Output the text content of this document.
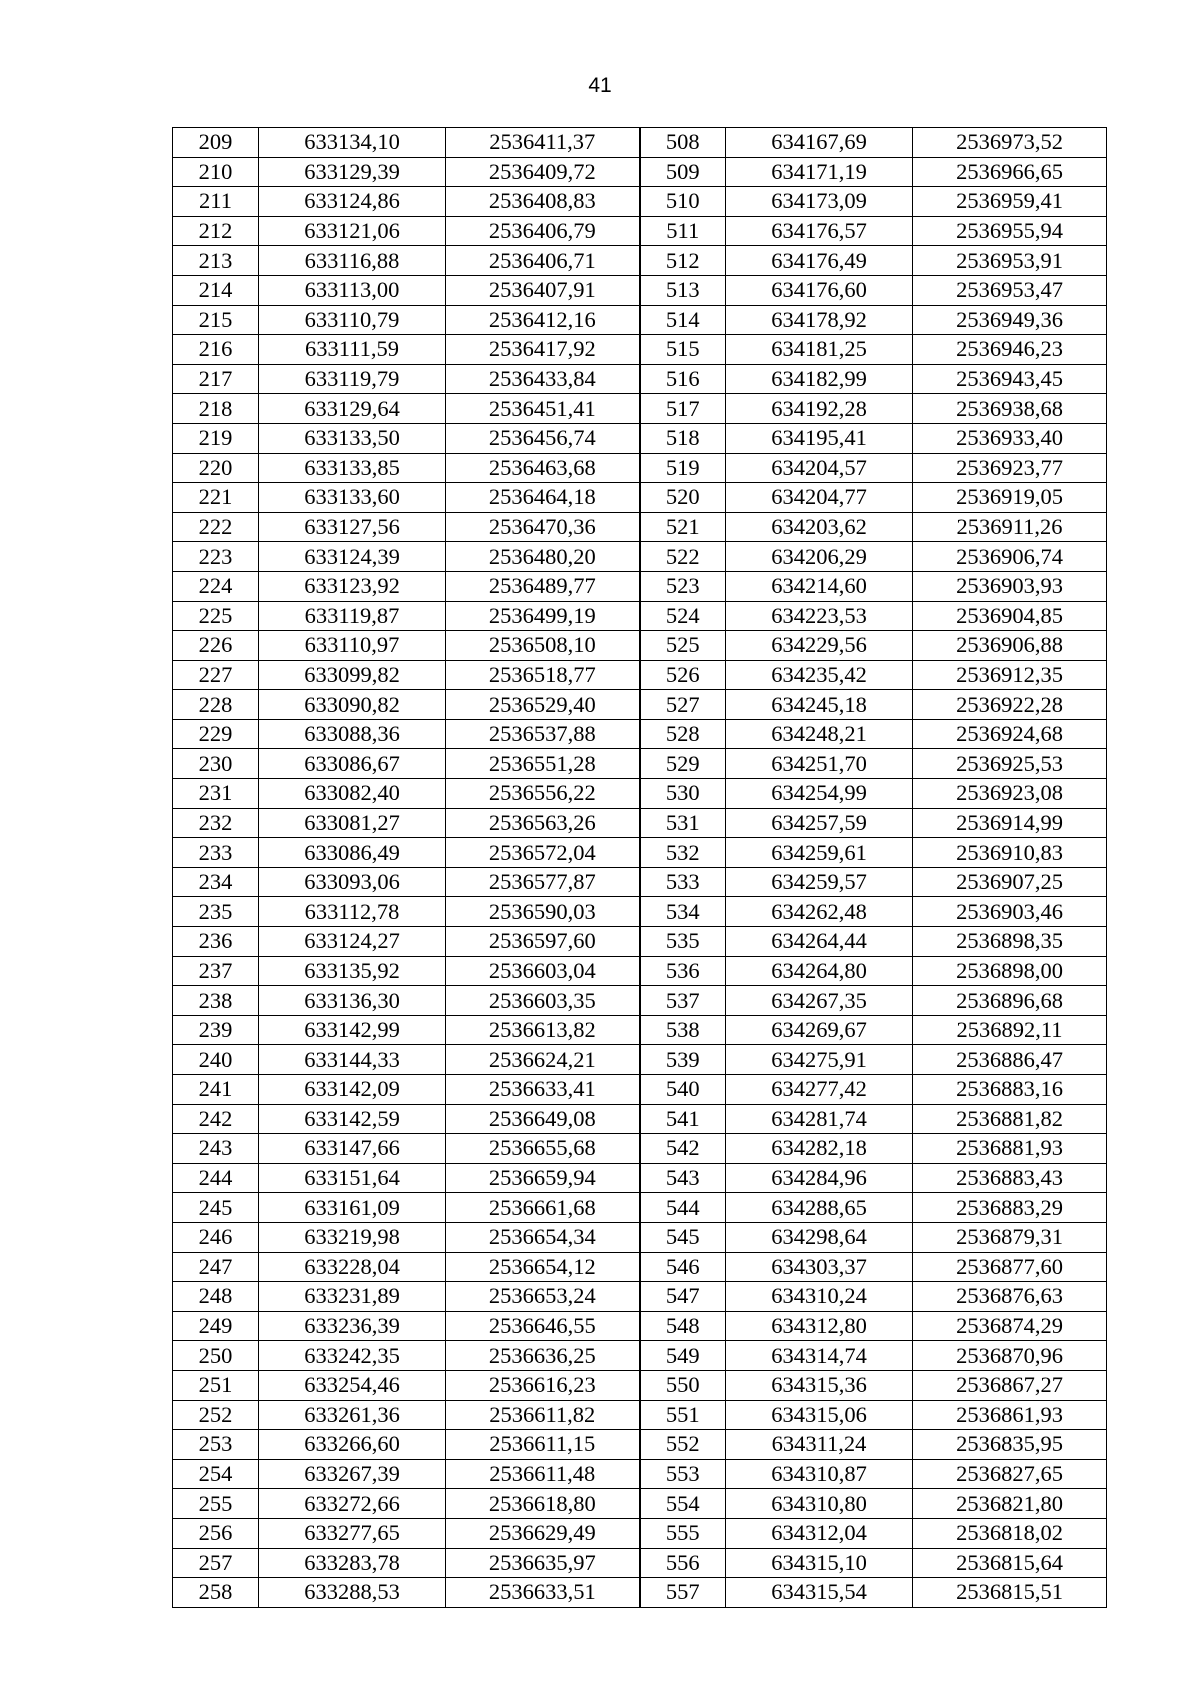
41
209	633134,10	2536411,37	508	634167,69	2536973,52
210	633129,39	2536409,72	509	634171,19	2536966,65
211	633124,86	2536408,83	510	634173,09	2536959,41
212	633121,06	2536406,79	511	634176,57	2536955,94
213	633116,88	2536406,71	512	634176,49	2536953,91
214	633113,00	2536407,91	513	634176,60	2536953,47
215	633110,79	2536412,16	514	634178,92	2536949,36
216	633111,59	2536417,92	515	634181,25	2536946,23
217	633119,79	2536433,84	516	634182,99	2536943,45
218	633129,64	2536451,41	517	634192,28	2536938,68
219	633133,50	2536456,74	518	634195,41	2536933,40
220	633133,85	2536463,68	519	634204,57	2536923,77
221	633133,60	2536464,18	520	634204,77	2536919,05
222	633127,56	2536470,36	521	634203,62	2536911,26
223	633124,39	2536480,20	522	634206,29	2536906,74
224	633123,92	2536489,77	523	634214,60	2536903,93
225	633119,87	2536499,19	524	634223,53	2536904,85
226	633110,97	2536508,10	525	634229,56	2536906,88
227	633099,82	2536518,77	526	634235,42	2536912,35
228	633090,82	2536529,40	527	634245,18	2536922,28
229	633088,36	2536537,88	528	634248,21	2536924,68
230	633086,67	2536551,28	529	634251,70	2536925,53
231	633082,40	2536556,22	530	634254,99	2536923,08
232	633081,27	2536563,26	531	634257,59	2536914,99
233	633086,49	2536572,04	532	634259,61	2536910,83
234	633093,06	2536577,87	533	634259,57	2536907,25
235	633112,78	2536590,03	534	634262,48	2536903,46
236	633124,27	2536597,60	535	634264,44	2536898,35
237	633135,92	2536603,04	536	634264,80	2536898,00
238	633136,30	2536603,35	537	634267,35	2536896,68
239	633142,99	2536613,82	538	634269,67	2536892,11
240	633144,33	2536624,21	539	634275,91	2536886,47
241	633142,09	2536633,41	540	634277,42	2536883,16
242	633142,59	2536649,08	541	634281,74	2536881,82
243	633147,66	2536655,68	542	634282,18	2536881,93
244	633151,64	2536659,94	543	634284,96	2536883,43
245	633161,09	2536661,68	544	634288,65	2536883,29
246	633219,98	2536654,34	545	634298,64	2536879,31
247	633228,04	2536654,12	546	634303,37	2536877,60
248	633231,89	2536653,24	547	634310,24	2536876,63
249	633236,39	2536646,55	548	634312,80	2536874,29
250	633242,35	2536636,25	549	634314,74	2536870,96
251	633254,46	2536616,23	550	634315,36	2536867,27
252	633261,36	2536611,82	551	634315,06	2536861,93
253	633266,60	2536611,15	552	634311,24	2536835,95
254	633267,39	2536611,48	553	634310,87	2536827,65
255	633272,66	2536618,80	554	634310,80	2536821,80
256	633277,65	2536629,49	555	634312,04	2536818,02
257	633283,78	2536635,97	556	634315,10	2536815,64
258	633288,53	2536633,51	557	634315,54	2536815,51
